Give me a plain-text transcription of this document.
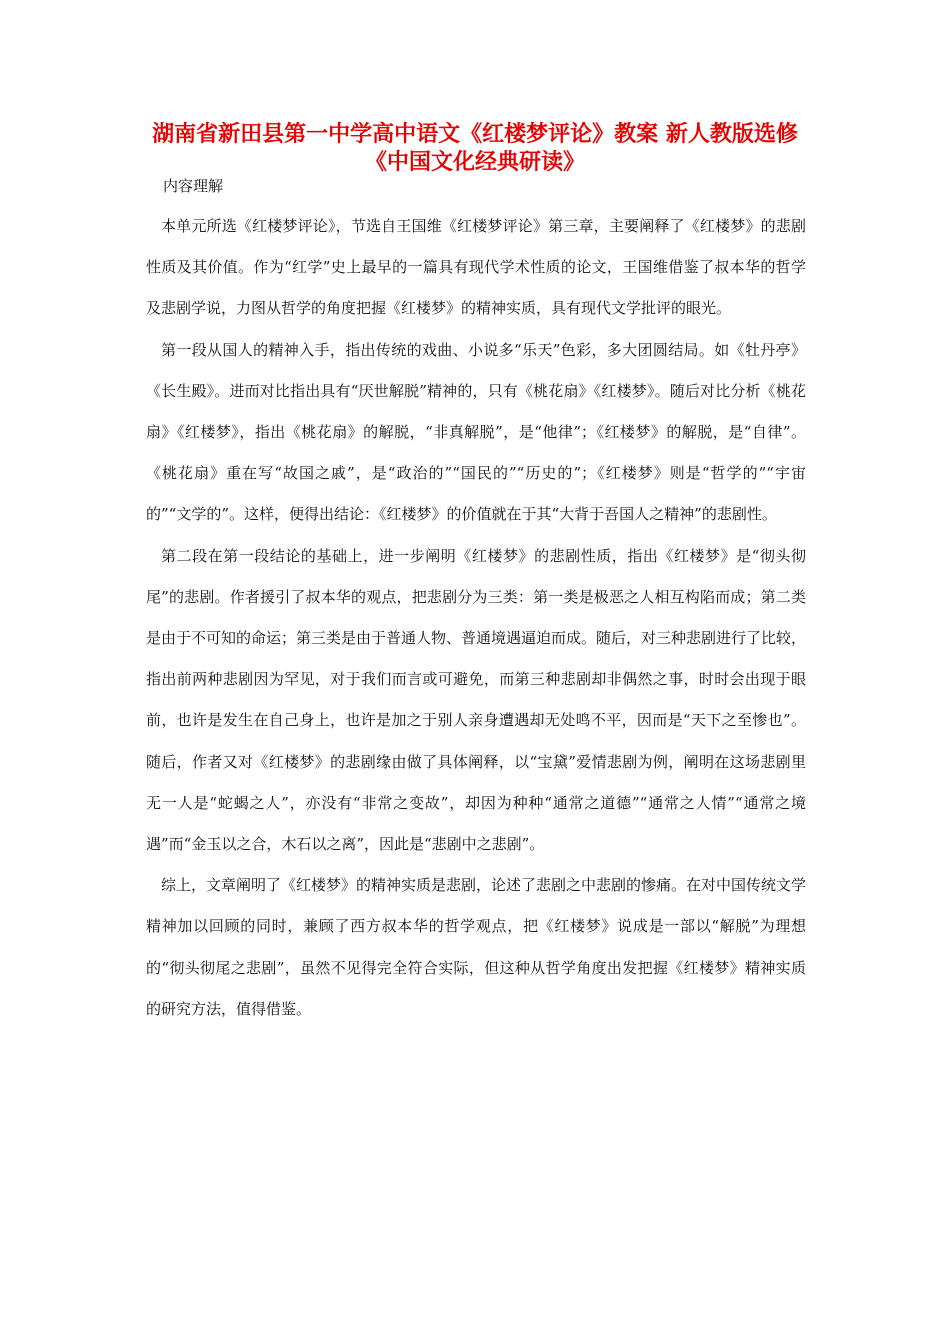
湖南省新田县第一中学高中语文《红楼梦评论》教案 新人教版选修
《中国文化经典研读》
内容理解

本单元所选《红楼梦评论》，节选自王国维《红楼梦评论》第三章，主要阐释了《红楼梦》的悲剧性质及其价值。作为“红学”史上最早的一篇具有现代学术性质的论文，王国维借鉴了叔本华的哲学及悲剧学说，力图从哲学的角度把握《红楼梦》的精神实质，具有现代文学批评的眼光。

第一段从国人的精神入手，指出传统的戏曲、小说多“乐天”色彩，多大团圆结局。如《牡丹亭》《长生殿》。进而对比指出具有“厌世解脱”精神的，只有《桃花扇》《红楼梦》。随后对比分析《桃花扇》《红楼梦》，指出《桃花扇》的解脱，“非真解脱”，是“他律”；《红楼梦》的解脱，是“自律”。《桃花扇》重在写“故国之戚”，是“政治的”“国民的”“历史的”；《红楼梦》则是“哲学的”“宇宙的”“文学的”。这样，便得出结论：《红楼梦》的价值就在于其“大背于吾国人之精神”的悲剧性。

第二段在第一段结论的基础上，进一步阐明《红楼梦》的悲剧性质，指出《红楼梦》是“彻头彻尾”的悲剧。作者援引了叔本华的观点，把悲剧分为三类：第一类是极恶之人相互构陷而成；第二类是由于不可知的命运；第三类是由于普通人物、普通境遇逼迫而成。随后，对三种悲剧进行了比较，指出前两种悲剧因为罕见，对于我们而言或可避免，而第三种悲剧却非偶然之事，时时会出现于眼前，也许是发生在自己身上，也许是加之于别人亲身遭遇却无处鸣不平，因而是“天下之至惨也”。随后，作者又对《红楼梦》的悲剧缘由做了具体阐释，以“宝黛”爱情悲剧为例，阐明在这场悲剧里无一人是“蛇蝎之人”，亦没有“非常之变故”，却因为种种“通常之道德”“通常之人情”“通常之境遇”而“金玉以之合，木石以之离”，因此是“悲剧中之悲剧”。

综上，文章阐明了《红楼梦》的精神实质是悲剧，论述了悲剧之中悲剧的惨痛。在对中国传统文学精神加以回顾的同时，兼顾了西方叔本华的哲学观点，把《红楼梦》说成是一部以“解脱”为理想的“彻头彻尾之悲剧”，虽然不见得完全符合实际，但这种从哲学角度出发把握《红楼梦》精神实质的研究方法，值得借鉴。
